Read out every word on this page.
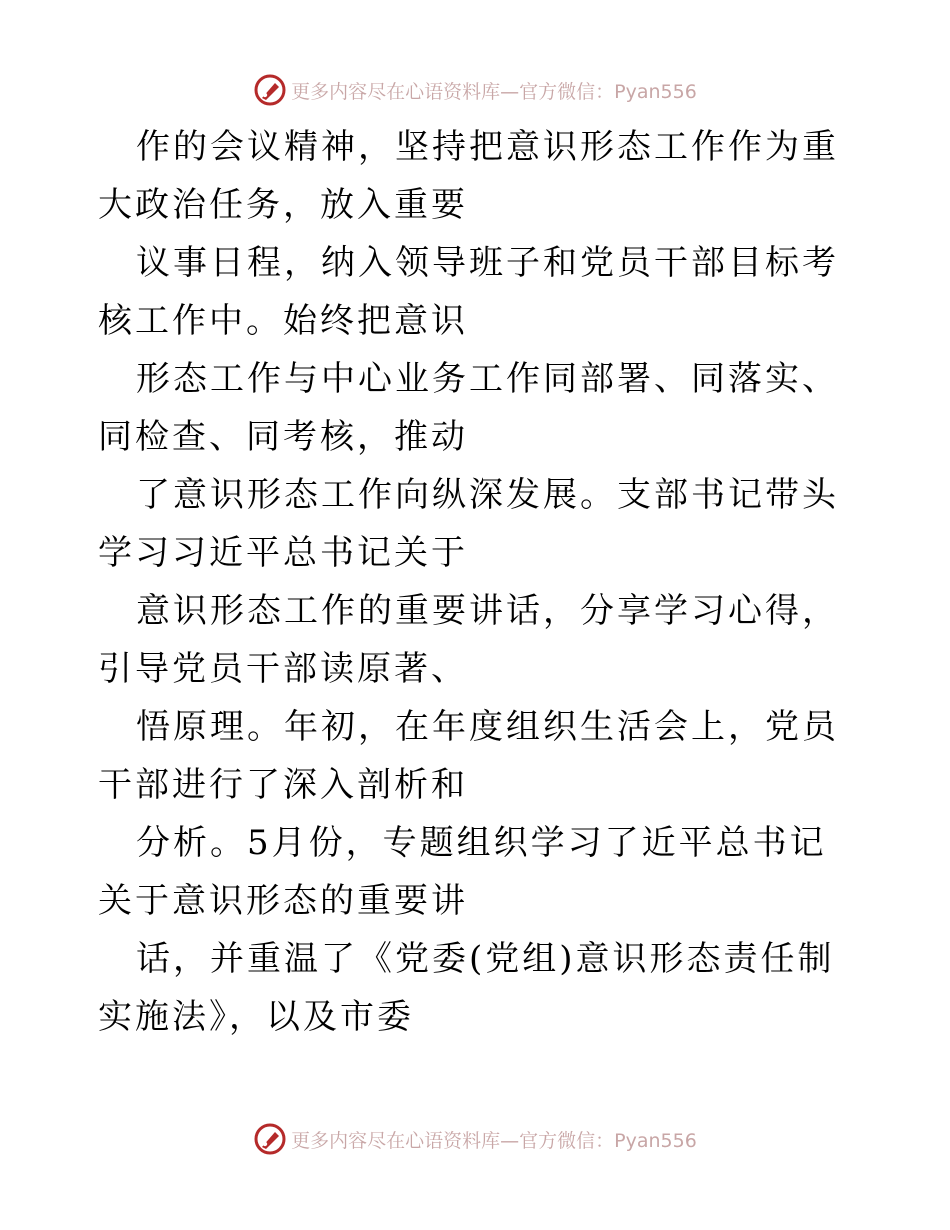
更多内容尽在心语资料库—官方微信：Pyan556

作的会议精神，坚持把意识形态工作作为重大政治任务，放入重要

议事日程，纳入领导班子和党员干部目标考核工作中。始终把意识

形态工作与中心业务工作同部署、同落实、同检查、同考核，推动

了意识形态工作向纵深发展。支部书记带头学习习近平总书记关于

意识形态工作的重要讲话，分享学习心得，引导党员干部读原著、

悟原理。年初，在年度组织生活会上，党员干部进行了深入剖析和

分析。5月份，专题组织学习了近平总书记关于意识形态的重要讲

话，并重温了《党委(党组)意识形态责任制实施法》，以及市委

更多内容尽在心语资料库—官方微信：Pyan556
